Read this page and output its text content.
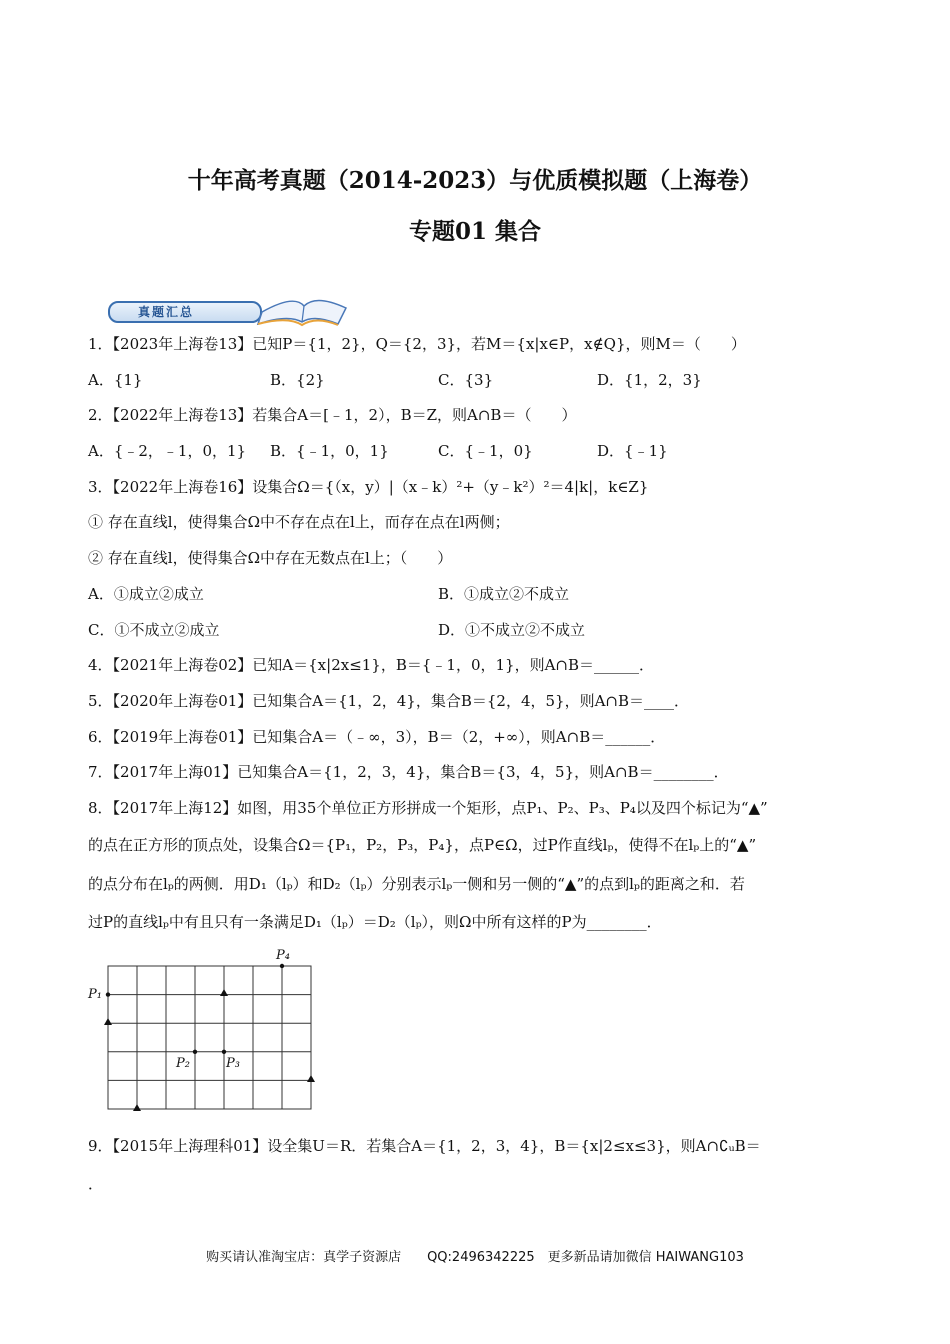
十年高考真题（2014-2023）与优质模拟题（上海卷）
专题01 集合
真题汇总
1．【2023年上海卷13】已知P＝{1，2}，Q＝{2，3}，若M＝{x|x∈P，x∉Q}，则M＝（　　）
A．{1}	B．{2}	C．{3}	D．{1，2，3}
2．【2022年上海卷13】若集合A＝[﹣1，2），B＝Z，则A∩B＝（　　）
A．{﹣2，﹣1，0，1} B．{﹣1，0，1}	C．{﹣1，0}	D．{﹣1}
3．【2022年上海卷16】设集合Ω＝{（x，y）|（x﹣k）²+（y﹣k²）²＝4|k|，k∈Z}
① 存在直线l，使得集合Ω中不存在点在l上，而存在点在l两侧；
② 存在直线l，使得集合Ω中存在无数点在l上；（　　）
A．①成立②成立	B．①成立②不成立
C．①不成立②成立	D．①不成立②不成立
4．【2021年上海卷02】已知A＝{x|2x≤1}，B＝{﹣1，0，1}，则A∩B＝______．
5．【2020年上海卷01】已知集合A＝{1，2，4}，集合B＝{2，4，5}，则A∩B＝____．
6．【2019年上海卷01】已知集合A＝（﹣∞，3），B＝（2，+∞），则A∩B＝______．
7．【2017年上海01】已知集合A＝{1，2，3，4}，集合B＝{3，4，5}，则A∩B＝________．
8．【2017年上海12】如图，用35个单位正方形拼成一个矩形，点P₁、P₂、P₃、P₄以及四个标记为“▲”
的点在正方形的顶点处，设集合Ω＝{P₁，P₂，P₃，P₄}，点P∈Ω，过P作直线lₚ，使得不在lₚ上的“▲”
的点分布在lₚ的两侧．用D₁（lₚ）和D₂（lₚ）分别表示lₚ一侧和另一侧的“▲”的点到lₚ的距离之和．若
过P的直线lₚ中有且只有一条满足D₁（lₚ）＝D₂（lₚ），则Ω中所有这样的P为________．
P₁
P₂	P₃
P₄
9．【2015年上海理科01】设全集U＝R．若集合A＝{1，2，3，4}，B＝{x|2≤x≤3}，则A∩∁ᵤB＝
．
购买请认准淘宝店：真学子资源店　　QQ:2496342225　更多新品请加微信 HAIWANG103
